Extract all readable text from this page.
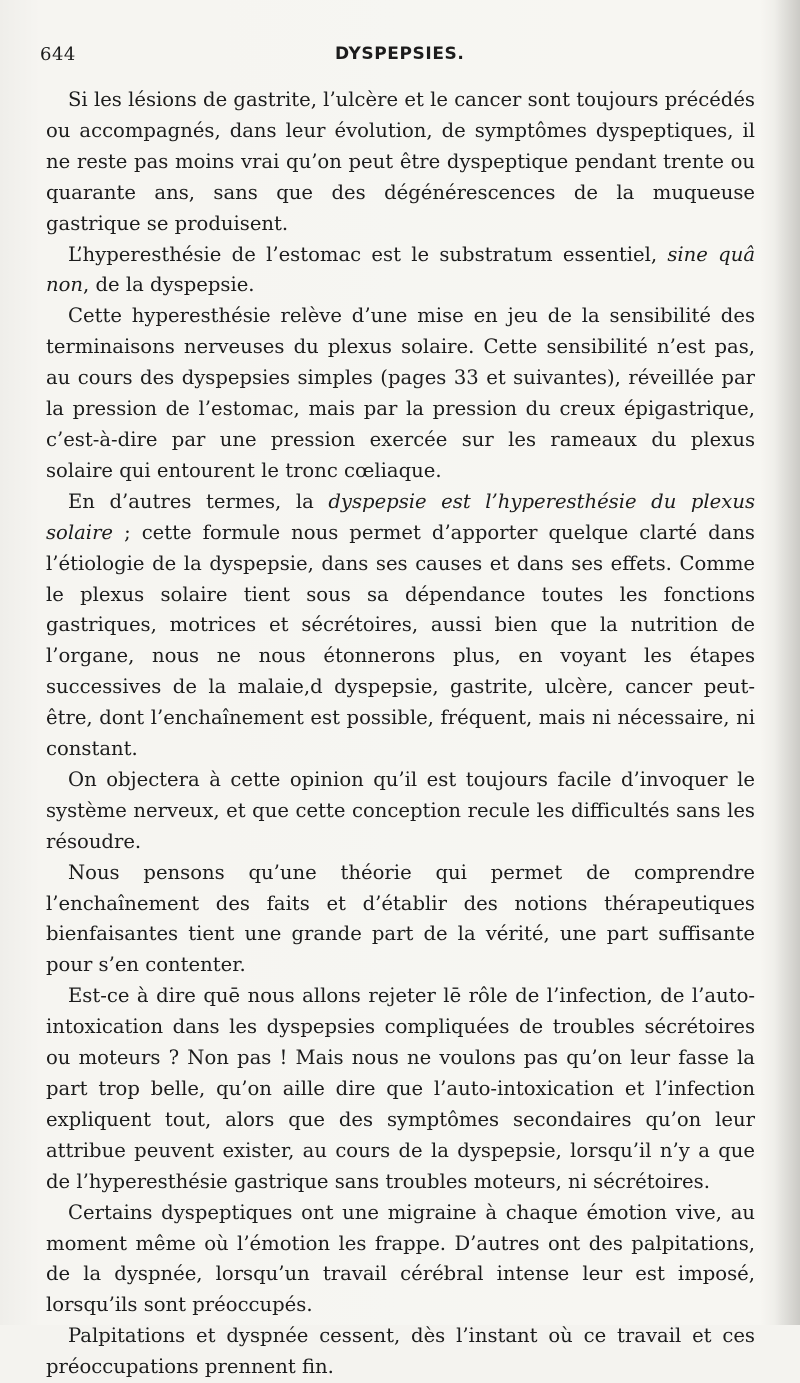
644	DYSPEPSIES.

Si les lésions de gastrite, l’ulcère et le cancer sont toujours précédés ou accompagnés, dans leur évolution, de symptômes dyspeptiques, il ne reste pas moins vrai qu’on peut être dyspeptique pendant trente ou quarante ans, sans que des dégénérescences de la muqueuse gastrique se produisent.

L’hyperesthésie de l’estomac est le substratum essentiel, sine quâ non, de la dyspepsie.

Cette hyperesthésie relève d’une mise en jeu de la sensibilité des terminaisons nerveuses du plexus solaire. Cette sensibilité n’est pas, au cours des dyspepsies simples (pages 33 et suivantes), réveillée par la pression de l’estomac, mais par la pression du creux épigastrique, c’est-à-dire par une pression exercée sur les rameaux du plexus solaire qui entourent le tronc cœliaque.

En d’autres termes, la dyspepsie est l’hyperesthésie du plexus solaire ; cette formule nous permet d’apporter quelque clarté dans l’étiologie de la dyspepsie, dans ses causes et dans ses effets. Comme le plexus solaire tient sous sa dépendance toutes les fonctions gastriques, motrices et sécrétoires, aussi bien que la nutrition de l’organe, nous ne nous étonnerons plus, en voyant les étapes successives de la malaie,d dyspepsie, gastrite, ulcère, cancer peut-être, dont l’enchaînement est possible, fréquent, mais ni nécessaire, ni constant.

On objectera à cette opinion qu’il est toujours facile d’invoquer le système nerveux, et que cette conception recule les difficultés sans les résoudre.

Nous pensons qu’une théorie qui permet de comprendre l’enchaînement des faits et d’établir des notions thérapeutiques bienfaisantes tient une grande part de la vérité, une part suffisante pour s’en contenter.

Est-ce à dire quē nous allons rejeter lē rôle de l’infection, de l’auto-intoxication dans les dyspepsies compliquées de troubles sécrétoires ou moteurs ? Non pas ! Mais nous ne voulons pas qu’on leur fasse la part trop belle, qu’on aille dire que l’auto-intoxication et l’infection expliquent tout, alors que des symptômes secondaires qu’on leur attribue peuvent exister, au cours de la dyspepsie, lorsqu’il n’y a que de l’hyperesthésie gastrique sans troubles moteurs, ni sécrétoires.

Certains dyspeptiques ont une migraine à chaque émotion vive, au moment même où l’émotion les frappe. D’autres ont des palpitations, de la dyspnée, lorsqu’un travail cérébral intense leur est imposé, lorsqu’ils sont préoccupés.

Palpitations et dyspnée cessent, dès l’instant où ce travail et ces préoccupations prennent fin.
